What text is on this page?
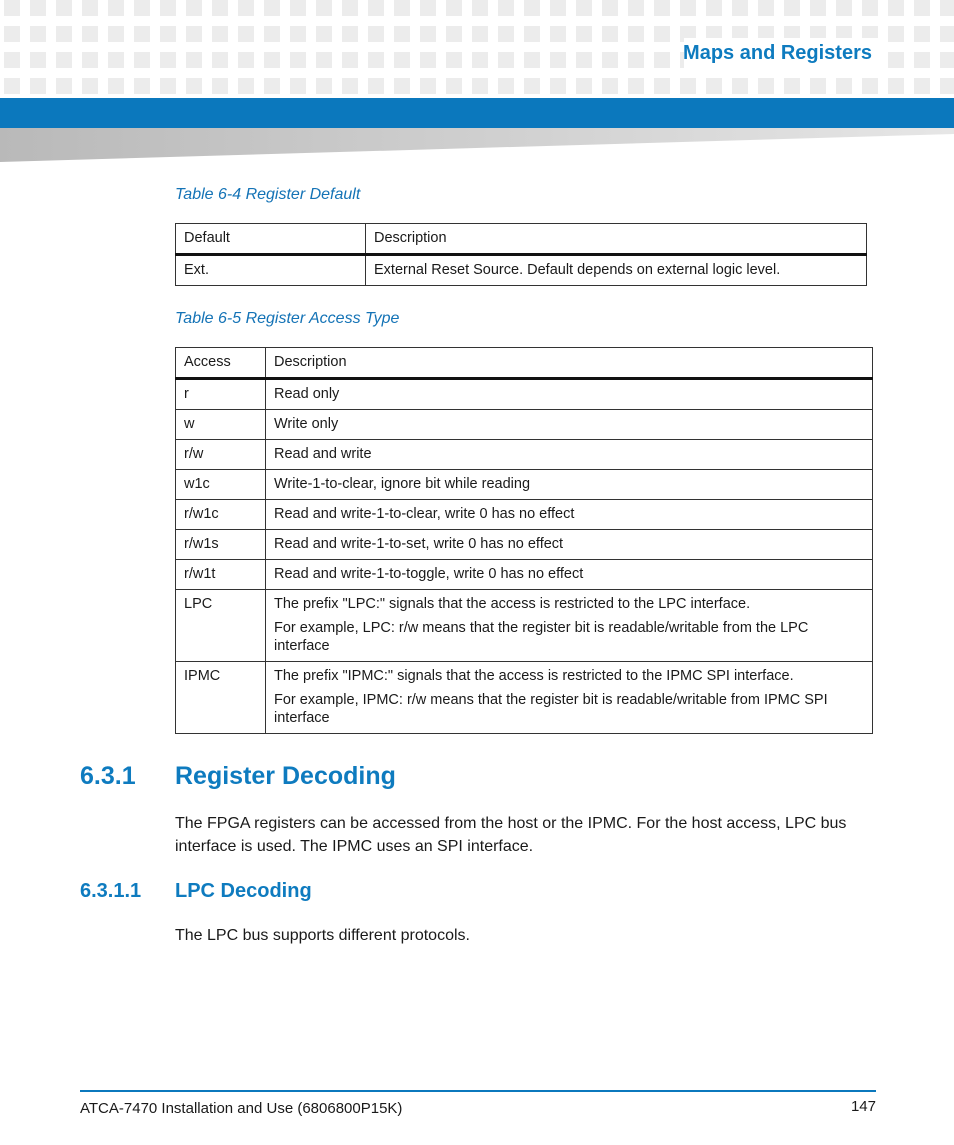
Maps and Registers
Table 6-4 Register Default
Default	Description
Ext.	External Reset Source. Default depends on external logic level.
Table 6-5 Register Access Type
Access	Description
r	Read only
w	Write only
r/w	Read and write
w1c	Write-1-to-clear, ignore bit while reading
r/w1c	Read and write-1-to-clear, write 0 has no effect
r/w1s	Read and write-1-to-set, write 0 has no effect
r/w1t	Read and write-1-to-toggle, write 0 has no effect
LPC	The prefix "LPC:" signals that the access is restricted to the LPC interface.
For example, LPC: r/w means that the register bit is readable/writable from the LPC interface

IPMC	The prefix "IPMC:" signals that the access is restricted to the IPMC SPI interface.
For example, IPMC: r/w means that the register bit is readable/writable from IPMC SPI interface
6.3.1 Register Decoding

The FPGA registers can be accessed from the host or the IPMC. For the host access, LPC bus interface is used. The IPMC uses an SPI interface.

6.3.1.1 LPC Decoding

The LPC bus supports different protocols.

ATCA-7470 Installation and Use (6806800P15K)	147
